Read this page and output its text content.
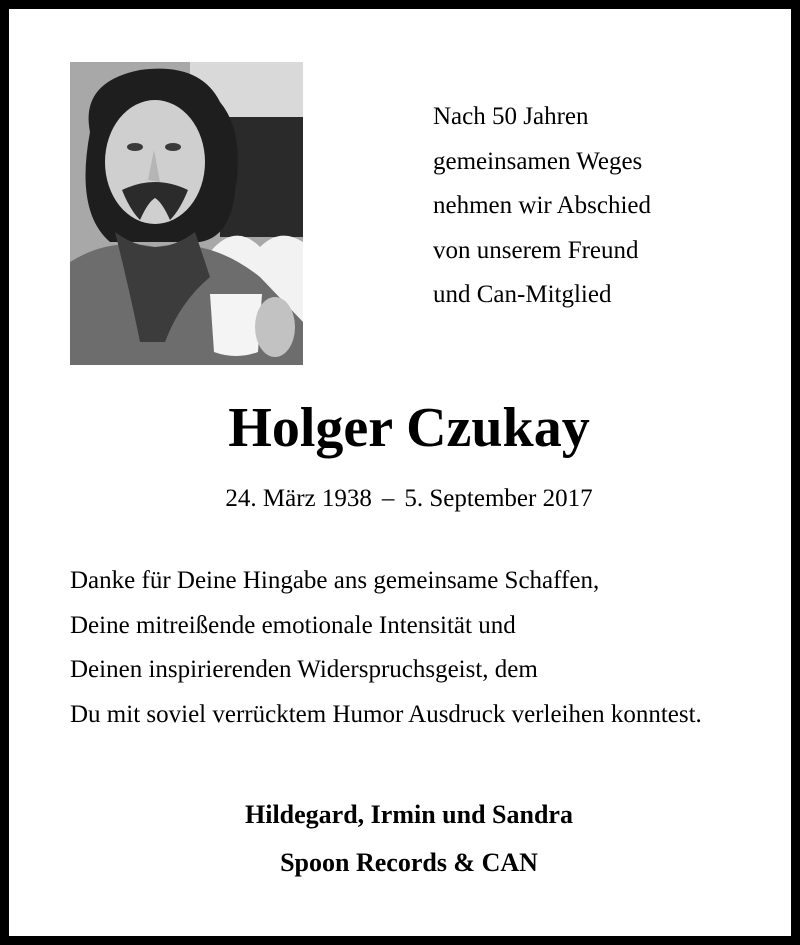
Nach 50 Jahren
gemeinsamen Weges
nehmen wir Abschied
von unserem Freund
und Can-Mitglied
Holger Czukay
24. März 1938 – 5. September 2017
Danke für Deine Hingabe ans gemeinsame Schaffen,
Deine mitreißende emotionale Intensität und
Deinen inspirierenden Widerspruchsgeist, dem
Du mit soviel verrücktem Humor Ausdruck verleihen konntest.
Hildegard, Irmin und Sandra
Spoon Records & CAN
